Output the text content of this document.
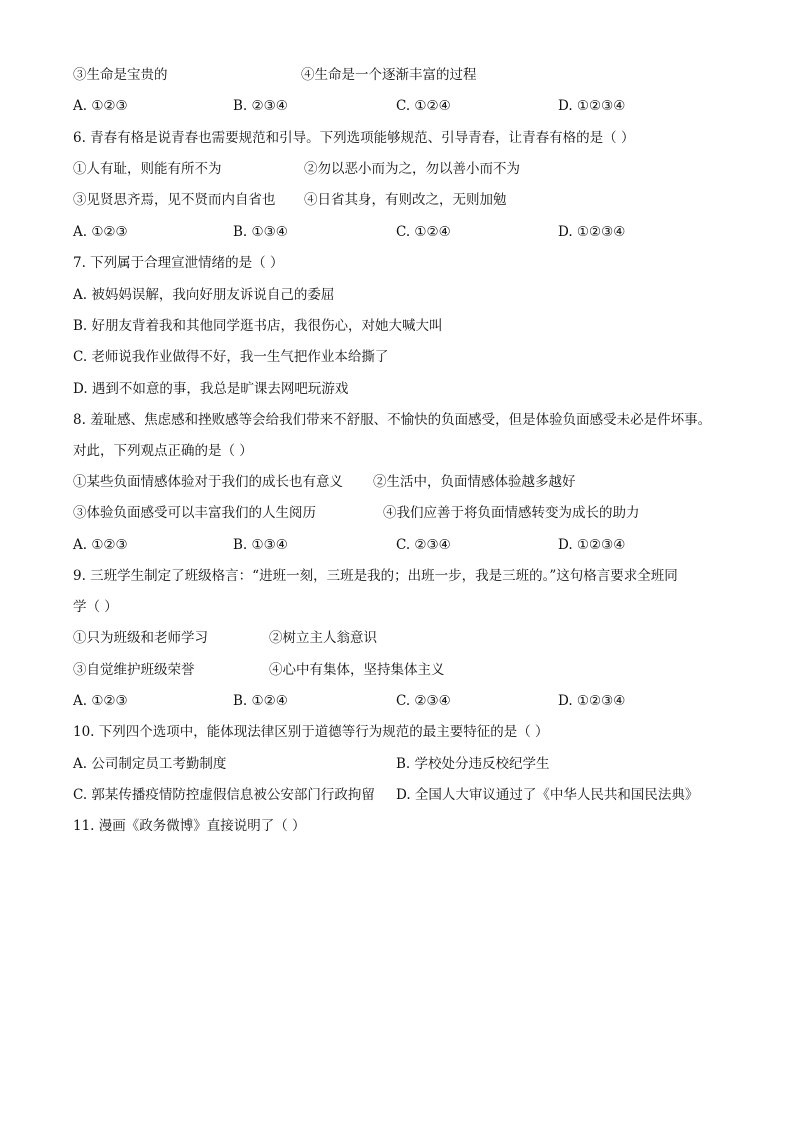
③生命是宝贵的	④生命是一个逐渐丰富的过程
A. ①②③	B. ②③④	C. ①②④	D. ①②③④
6. 青春有格是说青春也需要规范和引导。下列选项能够规范、引导青春，让青春有格的是（ ）
①人有耻，则能有所不为	②勿以恶小而为之，勿以善小而不为
③见贤思齐焉，见不贤而内自省也 ④日省其身，有则改之，无则加勉
A. ①②③	B. ①③④	C. ①②④	D. ①②③④
7. 下列属于合理宣泄情绪的是（ ）
A. 被妈妈误解，我向好朋友诉说自己的委屈
B. 好朋友背着我和其他同学逛书店，我很伤心，对她大喊大叫
C. 老师说我作业做得不好，我一生气把作业本给撕了
D. 遇到不如意的事，我总是旷课去网吧玩游戏
8. 羞耻感、焦虑感和挫败感等会给我们带来不舒服、不愉快的负面感受，但是体验负面感受未必是件坏事。
对此，下列观点正确的是（ ）
①某些负面情感体验对于我们的成长也有意义 ②生活中，负面情感体验越多越好
③体验负面感受可以丰富我们的人生阅历	④我们应善于将负面情感转变为成长的助力
A. ①②③	B. ①③④	C. ②③④	D. ①②③④
9. 三班学生制定了班级格言：“进班一刻，三班是我的；出班一步，我是三班的。”这句格言要求全班同
学（ ）
①只为班级和老师学习	②树立主人翁意识
③自觉维护班级荣誉	④心中有集体，坚持集体主义
A. ①②③	B. ①②④	C. ②③④	D. ①②③④
10. 下列四个选项中，能体现法律区别于道德等行为规范的最主要特征的是（ ）
A. 公司制定员工考勤制度	B. 学校处分违反校纪学生
C. 郭某传播疫情防控虚假信息被公安部门行政拘留 D. 全国人大审议通过了《中华人民共和国民法典》
11. 漫画《政务微博》直接说明了（ ）
